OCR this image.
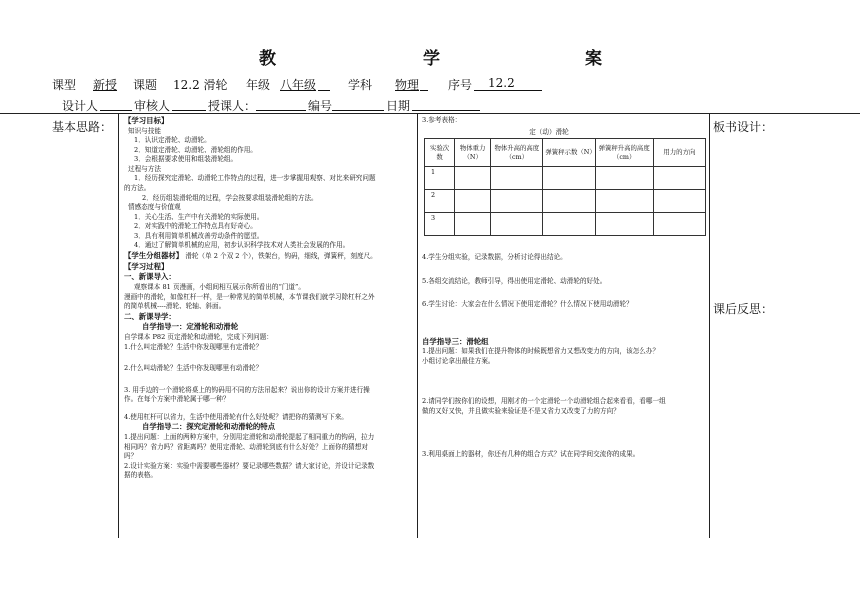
教	学	案
课型 新授 课题 12.2 滑轮 年级 八年级	学科 物理 序号 12.2
设计人	审核人	授课人：	编号	日期
基本思路：	板书设计：
课后反思：
【学习目标】
知识与技能
1．认识定滑轮、动滑轮。
2．知道定滑轮、动滑轮、滑轮组的作用。
3．会根据要求使用和组装滑轮组。
过程与方法
1．经历探究定滑轮、动滑轮工作特点的过程，进一步掌握用观察、对比来研究问题
的方法。
2．经历组装滑轮组的过程，学会按要求组装滑轮组的方法。
情感态度与价值观
1．关心生活、生产中有关滑轮的实际使用。
2．对实践中的滑轮工作特点具有好奇心。
3．具有利用简单机械改善劳动条件的愿望。
4．通过了解简单机械的应用，初步认识科学技术对人类社会发展的作用。
【学生分组器材】 滑轮（单 2 个双 2 个），铁架台，钩码，细线，弹簧秤，刻度尺。
【学习过程】
一、新课导入：
观察课本 81 页漫画，小组间相互展示你所看出的“门道”。
漫画中的滑轮，如像杠杆一样，是一种常见的简单机械，本节课我们就学习除杠杆之外
的简单机械----滑轮、轮轴、斜面。
二、新课导学：
自学指导一：定滑轮和动滑轮
自学课本 P82 页定滑轮和动滑轮，完成下列问题：
1.什么叫定滑轮？生活中你发现哪里有定滑轮？
2.什么叫动滑轮？生活中你发现哪里有动滑轮？
3. 用手边的一个滑轮将桌上的钩码用不同的方法吊起来？说出你的设计方案并进行操
作。在每个方案中滑轮属于哪一种？
4.使用杠杆可以省力，生活中使用滑轮有什么好处呢？请把你的猜测写下来。
自学指导二：探究定滑轮和动滑轮的特点
1.提出问题：上面的两种方案中，分别用定滑轮和动滑轮提起了相同重力的钩码，拉力
相同吗？省力吗？省距离吗？使用定滑轮、动滑轮到底有什么好处？上面你的猜想对
吗？
2.设计实验方案：实验中需要哪些器材？要记录哪些数据？请大家讨论，并设计记录数
据的表格。
3.参考表格：
定（动）滑轮
实验次数	物体重力（N）	物体升高的高度（cm）	弹簧秤示数（N）	弹簧秤升高的高度（cm）	用力的方向
1					
2					
3					
4.学生分组实验，记录数据，分析讨论得出结论。
5.各组交流结论，教师引导，得出使用定滑轮、动滑轮的好处。
6.学生讨论：大家会在什么情况下使用定滑轮？什么情况下使用动滑轮？
自学指导三：滑轮组
1.提出问题：如果我们在提升物体的时候既想省力又想改变力的方向，该怎么办？
小组讨论拿出最佳方案。
2.请同学们按你们的设想，用刚才的一个定滑轮一个动滑轮组合起来看看，看哪一组
做的又好又快，并且做实验来验证是不是又省力又改变了力的方向？
3.利用桌面上的器材，你还有几种的组合方式？试在同学间交流你的成果。
